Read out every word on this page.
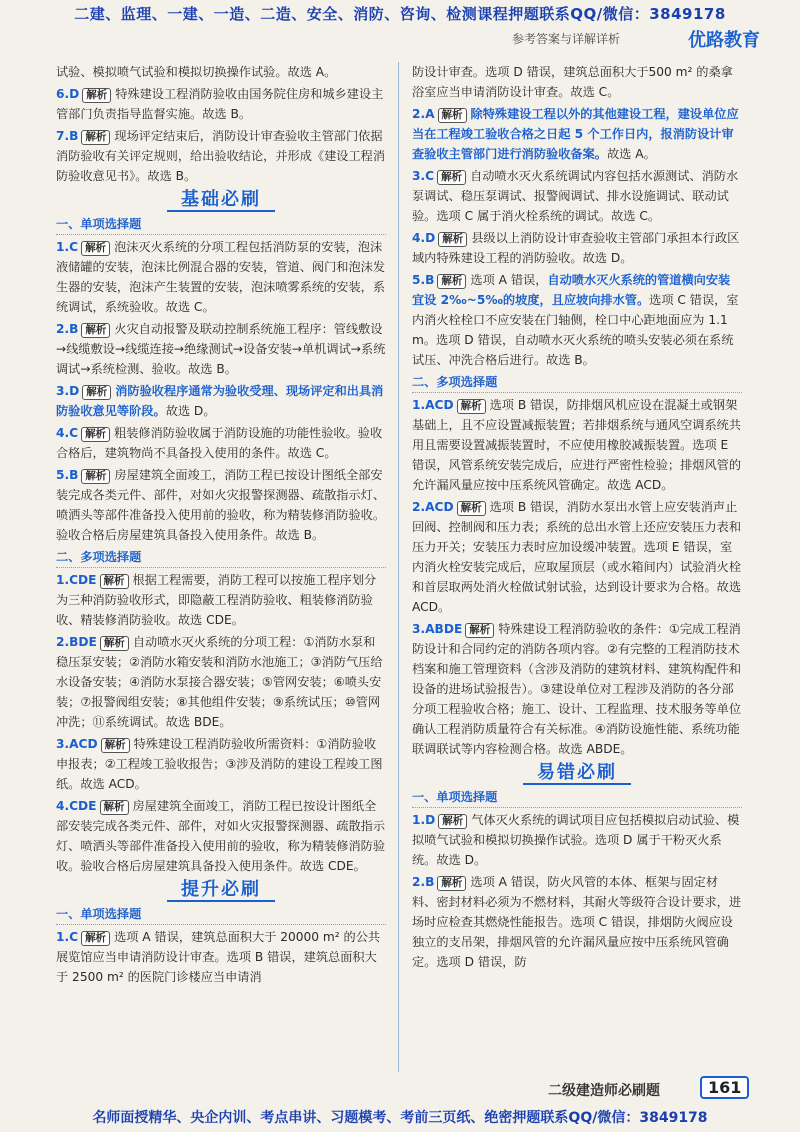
二建、监理、一建、一造、二造、安全、消防、咨询、检测课程押题联系QQ/微信：3849178
参考答案与详解详析	优路教育

试验、模拟喷气试验和模拟切换操作试验。故选 A。

6.D 解析 特殊建设工程消防验收由国务院住房和城乡建设主管部门负责指导监督实施。故选 B。

7.B 解析 现场评定结束后，消防设计审查验收主管部门依据消防验收有关评定规则，给出验收结论，并形成《建设工程消防验收意见书》。故选 B。

基础必刷
一、单项选择题

1.C 解析 泡沫灭火系统的分项工程包括消防泵的安装，泡沫液储罐的安装，泡沫比例混合器的安装，管道、阀门和泡沫发生器的安装，泡沫产生装置的安装，泡沫喷雾系统的安装，系统调试，系统验收。故选 C。

2.B 解析 火灾自动报警及联动控制系统施工程序：管线敷设→线缆敷设→线缆连接→绝缘测试→设备安装→单机调试→系统调试→系统检测、验收。故选 B。

3.D 解析 消防验收程序通常为验收受理、现场评定和出具消防验收意见等阶段。故选 D。

4.C 解析 粗装修消防验收属于消防设施的功能性验收。验收合格后，建筑物尚不具备投入使用的条件。故选 C。

5.B 解析 房屋建筑全面竣工，消防工程已按设计图纸全部安装完成各类元件、部件，对如火灾报警探测器、疏散指示灯、喷洒头等部件准备投入使用前的验收，称为精装修消防验收。验收合格后房屋建筑具备投入使用条件。故选 B。

二、多项选择题

1.CDE 解析 根据工程需要，消防工程可以按施工程序划分为三种消防验收形式，即隐蔽工程消防验收、粗装修消防验收、精装修消防验收。故选 CDE。

2.BDE 解析 自动喷水灭火系统的分项工程：①消防水泵和稳压泵安装；②消防水箱安装和消防水池施工；③消防气压给水设备安装；④消防水泵接合器安装；⑤管网安装；⑥喷头安装；⑦报警阀组安装；⑧其他组件安装；⑨系统试压；⑩管网冲洗；⑪系统调试。故选 BDE。

3.ACD 解析 特殊建设工程消防验收所需资料：①消防验收申报表；②工程竣工验收报告；③涉及消防的建设工程竣工图纸。故选 ACD。

4.CDE 解析 房屋建筑全面竣工，消防工程已按设计图纸全部安装完成各类元件、部件，对如火灾报警探测器、疏散指示灯、喷洒头等部件准备投入使用前的验收，称为精装修消防验收。验收合格后房屋建筑具备投入使用条件。故选 CDE。

提升必刷
一、单项选择题

1.C 解析 选项 A 错误，建筑总面积大于 20000 m² 的公共展览馆应当申请消防设计审查。选项 B 错误，建筑总面积大于 2500 m² 的医院门诊楼应当申请消

防设计审查。选项 D 错误，建筑总面积大于500 m² 的桑拿浴室应当申请消防设计审查。故选 C。

2.A 解析 除特殊建设工程以外的其他建设工程，建设单位应当在工程竣工验收合格之日起 5 个工作日内，报消防设计审查验收主管部门进行消防验收备案。故选 A。

3.C 解析 自动喷水灭火系统调试内容包括水源测试、消防水泵调试、稳压泵调试、报警阀调试、排水设施调试、联动试验。选项 C 属于消火栓系统的调试。故选 C。

4.D 解析 县级以上消防设计审查验收主管部门承担本行政区域内特殊建设工程的消防验收。故选 D。

5.B 解析 选项 A 错误，自动喷水灭火系统的管道横向安装宜设 2‰~5‰的坡度，且应坡向排水管。选项 C 错误，室内消火栓栓口不应安装在门轴侧，栓口中心距地面应为 1.1 m。选项 D 错误，自动喷水灭火系统的喷头安装必须在系统试压、冲洗合格后进行。故选 B。

二、多项选择题

1.ACD 解析 选项 B 错误，防排烟风机应设在混凝土或钢架基础上，且不应设置减振装置；若排烟系统与通风空调系统共用且需要设置减振装置时，不应使用橡胶减振装置。选项 E 错误，风管系统安装完成后，应进行严密性检验；排烟风管的允许漏风量应按中压系统风管确定。故选 ACD。

2.ACD 解析 选项 B 错误，消防水泵出水管上应安装消声止回阀、控制阀和压力表；系统的总出水管上还应安装压力表和压力开关；安装压力表时应加设缓冲装置。选项 E 错误，室内消火栓安装完成后，应取屋顶层（或水箱间内）试验消火栓和首层取两处消火栓做试射试验，达到设计要求为合格。故选 ACD。

3.ABDE 解析 特殊建设工程消防验收的条件：①完成工程消防设计和合同约定的消防各项内容。②有完整的工程消防技术档案和施工管理资料（含涉及消防的建筑材料、建筑构配件和设备的进场试验报告）。③建设单位对工程涉及消防的各分部分项工程验收合格；施工、设计、工程监理、技术服务等单位确认工程消防质量符合有关标准。④消防设施性能、系统功能联调联试等内容检测合格。故选 ABDE。

易错必刷
一、单项选择题

1.D 解析 气体灭火系统的调试项目应包括模拟启动试验、模拟喷气试验和模拟切换操作试验。选项 D 属于干粉灭火系统。故选 D。

2.B 解析 选项 A 错误，防火风管的本体、框架与固定材料、密封材料必须为不燃材料，其耐火等级符合设计要求，进场时应检查其燃烧性能报告。选项 C 错误，排烟防火阀应设独立的支吊架，排烟风管的允许漏风量应按中压系统风管确定。选项 D 错误，防

二级建造师必刷题	161
名师面授精华、央企内训、考点串讲、习题模考、考前三页纸、绝密押题联系QQ/微信：3849178
